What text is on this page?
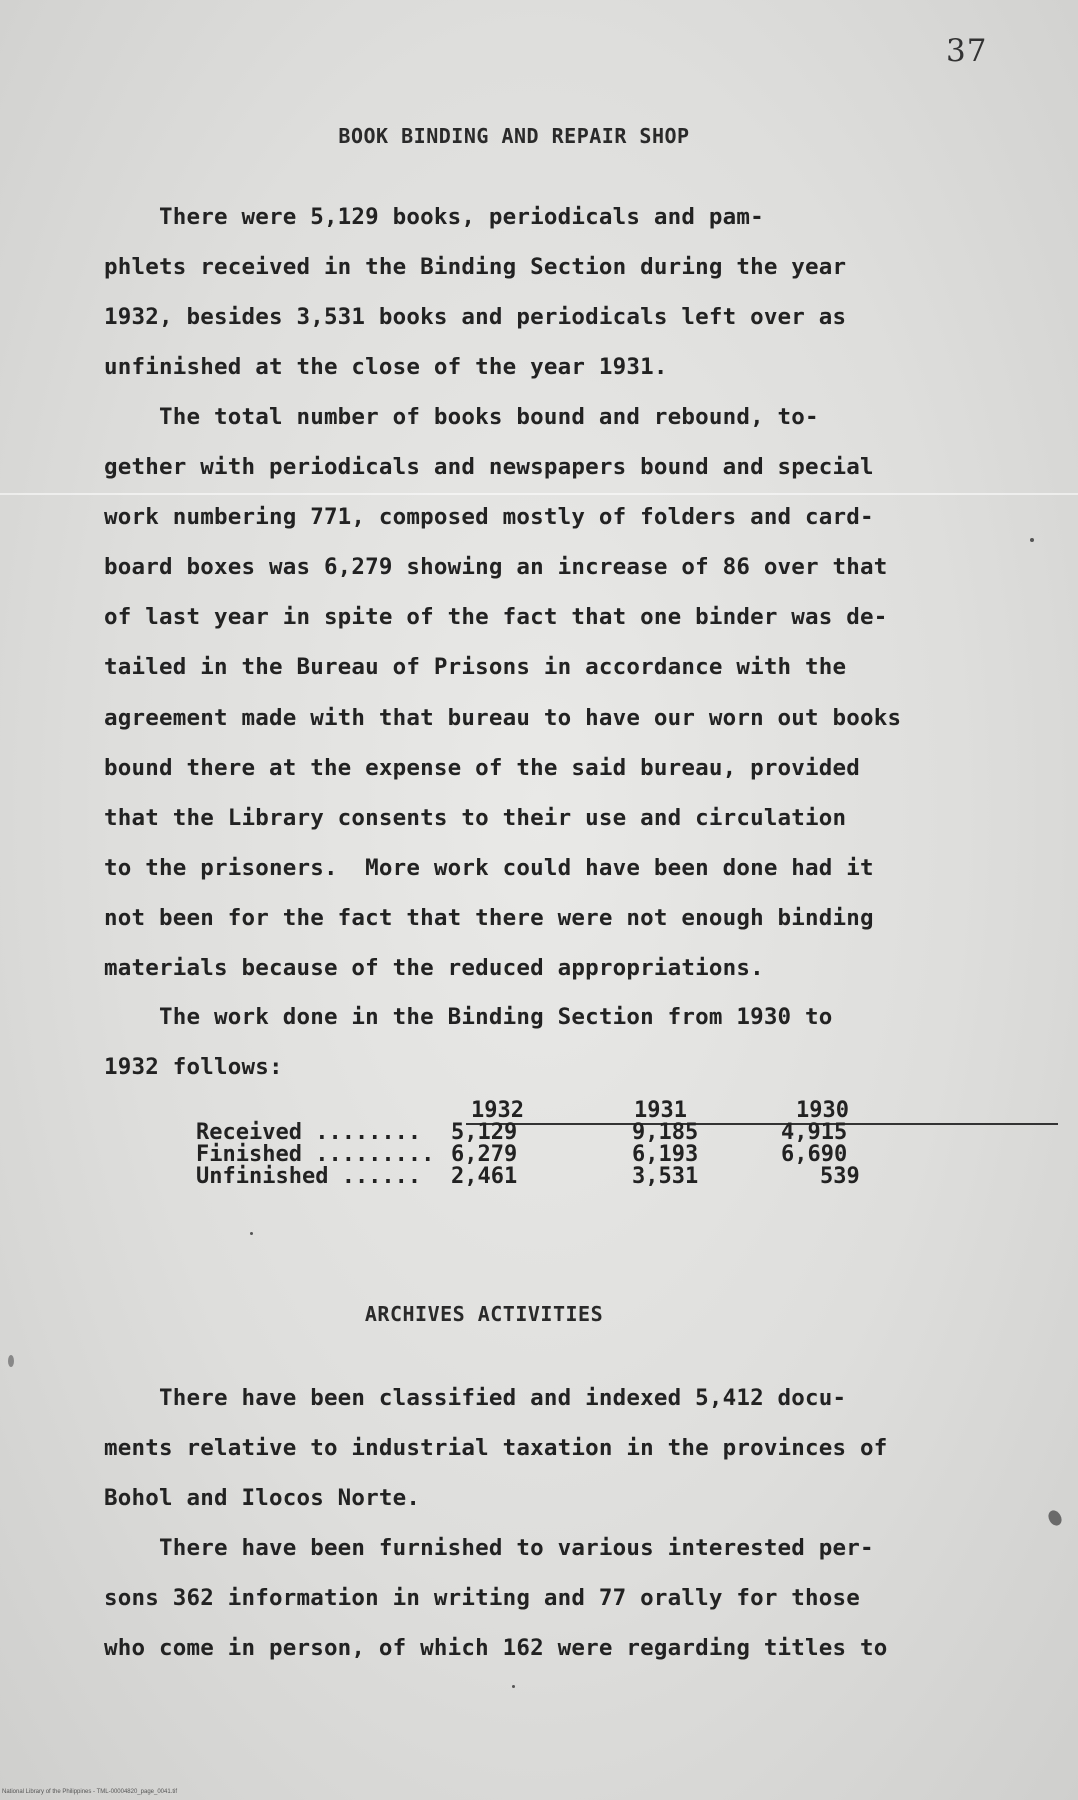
37
BOOK BINDING AND REPAIR SHOP
There were 5,129 books, periodicals and pam-
phlets received in the Binding Section during the year
1932, besides 3,531 books and periodicals left over as
unfinished at the close of the year 1931.
The total number of books bound and rebound, to-
gether with periodicals and newspapers bound and special
work numbering 771, composed mostly of folders and card-
board boxes was 6,279 showing an increase of 86 over that
of last year in spite of the fact that one binder was de-
tailed in the Bureau of Prisons in accordance with the
agreement made with that bureau to have our worn out books
bound there at the expense of the said bureau, provided
that the Library consents to their use and circulation
to the prisoners.  More work could have been done had it
not been for the fact that there were not enough binding
materials because of the reduced appropriations.
The work done in the Binding Section from 1930 to
1932 follows:
1932	1931	1930
Received ........ 5,129	9,185	4,915
Finished ......... 6,279	6,193	6,690
Unfinished ...... 2,461	3,531	539
ARCHIVES ACTIVITIES
There have been classified and indexed 5,412 docu-
ments relative to industrial taxation in the provinces of
Bohol and Ilocos Norte.
There have been furnished to various interested per-
sons 362 information in writing and 77 orally for those
who come in person, of which 162 were regarding titles to
National Library of the Philippines - TML-00004820_page_0041.tif
